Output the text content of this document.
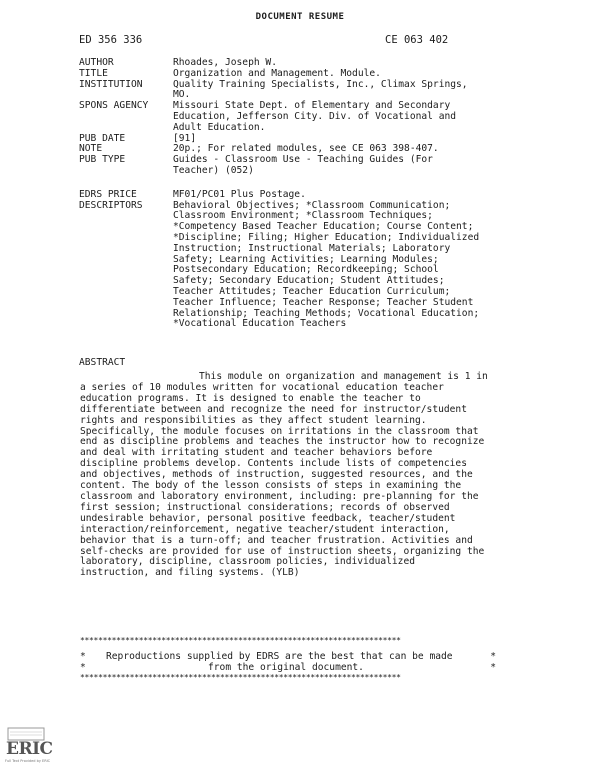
DOCUMENT RESUME
ED 356 336	CE 063 402
AUTHOR	Rhoades, Joseph W.
TITLE	Organization and Management. Module.
INSTITUTION	Quality Training Specialists, Inc., Climax Springs,
MO.
SPONS AGENCY	Missouri State Dept. of Elementary and Secondary
Education, Jefferson City. Div. of Vocational and
Adult Education.
PUB DATE	[91]
NOTE	20p.; For related modules, see CE 063 398-407.
PUB TYPE	Guides - Classroom Use - Teaching Guides (For
Teacher) (052)
EDRS PRICE	MF01/PC01 Plus Postage.
DESCRIPTORS	Behavioral Objectives; *Classroom Communication;
Classroom Environment; *Classroom Techniques;
*Competency Based Teacher Education; Course Content;
*Discipline; Filing; Higher Education; Individualized
Instruction; Instructional Materials; Laboratory
Safety; Learning Activities; Learning Modules;
Postsecondary Education; Recordkeeping; School
Safety; Secondary Education; Student Attitudes;
Teacher Attitudes; Teacher Education Curriculum;
Teacher Influence; Teacher Response; Teacher Student
Relationship; Teaching Methods; Vocational Education;
*Vocational Education Teachers
ABSTRACT
This module on organization and management is 1 in a series of 10 modules written for vocational education teacher education programs. It is designed to enable the teacher to differentiate between and recognize the need for instructor/student rights and responsibilities as they affect student learning. Specifically, the module focuses on irritations in the classroom that end as discipline problems and teaches the instructor how to recognize and deal with irritating student and teacher behaviors before discipline problems develop. Contents include lists of competencies and objectives, methods of instruction, suggested resources, and the content. The body of the lesson consists of steps in examining the classroom and laboratory environment, including: pre-planning for the first session; instructional considerations; records of observed undesirable behavior, personal positive feedback, teacher/student interaction/reinforcement, negative teacher/student interaction, behavior that is a turn-off; and teacher frustration. Activities and self-checks are provided for use of instruction sheets, organizing the laboratory, discipline, classroom policies, individualized instruction, and filing systems. (YLB)
***********************************************************************
* Reproductions supplied by EDRS are the best that can be made	*
*	from the original document.	*
***********************************************************************
ERIC
Full Text Provided by ERIC
